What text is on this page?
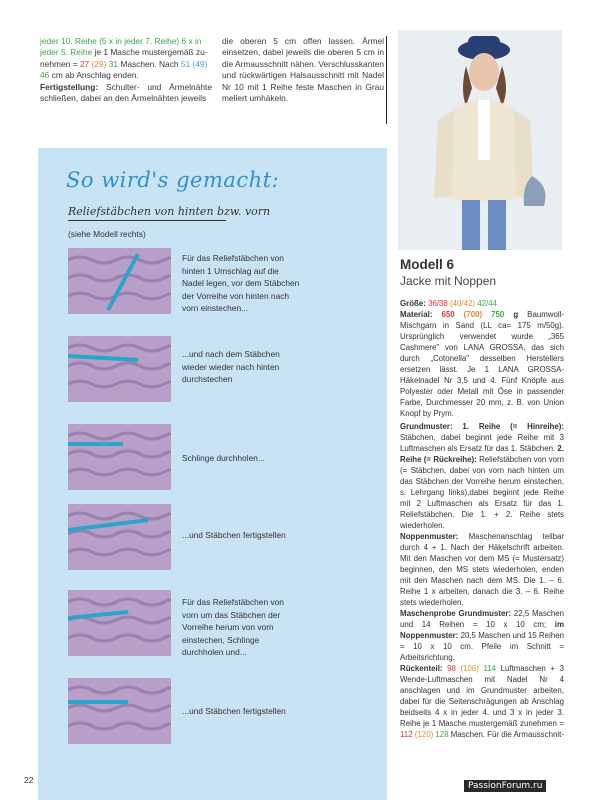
jeder 10. Reihe (5 x in jeder 7. Reihe) 6 x in
jeder 5. Reihe je 1 Masche mustergemäß zu-
nehmen = 27 (29) 31 Maschen. Nach 51 (49)
46 cm ab Anschlag enden.
Fertigstellung: Schulter- und Ärmelnähte schließen, dabei an den Ärmelnähten jeweils
die oberen 5 cm offen lassen. Ärmel einsetzen, dabei jeweils die oberen 5 cm in die Armausschnitt nähen. Verschlusskanten und rückwärtigen Halsausschnitt mit Nadel Nr 10 mit 1 Reihe feste Maschen in Grau meliert umhäkeln.
So wird's gemacht:
Reliefstäbchen von hinten bzw. vorn
(siehe Modell rechts)
Für das Reliefstäbchen von hinten 1 Umschlag auf die Nadel legen, vor dem Stäbchen der Vorreihe von hinten nach vorn einstechen...
...und nach dem Stäbchen wieder wieder nach hinten durchstechen
Schlinge durchholen...
...und Stäbchen fertigstellen
Für das Reliefstäbchen von vorn um das Stäbchen der Vorreihe herum von vorn einstechen, Schlinge durchholen und...
...und Stäbchen fertigstellen
Modell 6
Jacke mit Noppen

Größe: 36/38 (40/42) 42/44

Material: 650 (700) 750 g Baumwoll-Mischgarn in Sand (LL ca= 175 m/50g). Ursprünglich verwendet wurde „365 Cashmere" von LANA GROSSA, das sich durch „Cotonella" desselben Herstellers ersetzen lässt. Je 1 LANA GROSSA-Häkelnadel Nr 3,5 und 4. Fünf Knöpfe aus Polyester oder Metall mit Öse in passender Farbe, Durchmesser 20 mm, z. B. von Union Knopf by Prym.

Grundmuster: 1. Reihe (= Hinreihe): Stäbchen, dabei beginnt jede Reihe mit 3 Luftmaschen als Ersatz für das 1. Stäbchen. 2. Reihe (= Rückreihe): Reliefstäbchen von vorn (= Stäbchen, dabei von vorn nach hinten um das Stäbchen der Vorreihe herum einstechen, s. Lehrgang links),dabei beginnt jede Reihe mit 2 Luftmaschen als Ersatz für das 1. Reliefstäbchen. Die 1. + 2. Reihe stets wiederholen.

Noppenmuster: Maschenanschlag teilbar durch 4 + 1. Nach der Häkelschrift arbeiten. Mit den Maschen vor dem MS (= Mustersatz) beginnen, den MS stets wiederholen, enden mit den Maschen nach dem MS. Die 1. – 6. Reihe 1 x arbeiten, danach die 3. – 6. Reihe stets wiederholen.

Maschenprobe Grundmuster: 22,5 Maschen und 14 Reihen = 10 x 10 cm; im Noppenmuster: 20,5 Maschen und 15 Reihen = 10 x 10 cm. Pfeile im Schnitt = Arbeitsrichtung.

Rückenteil: 98 (106) 114 Luftmaschen + 3 Wende-Luftmaschen mit Nadel Nr 4 anschlagen und im Grundmuster arbeiten, dabei für die Seitenschrägungen ab Anschlag beidseits 4 x in jeder 4. und 3 x in jeder 3. Reihe je 1 Masche mustergemäß zunehmen = 112 (120) 128 Maschen. Für die Armausschnit-

22
PassionForum.ru
